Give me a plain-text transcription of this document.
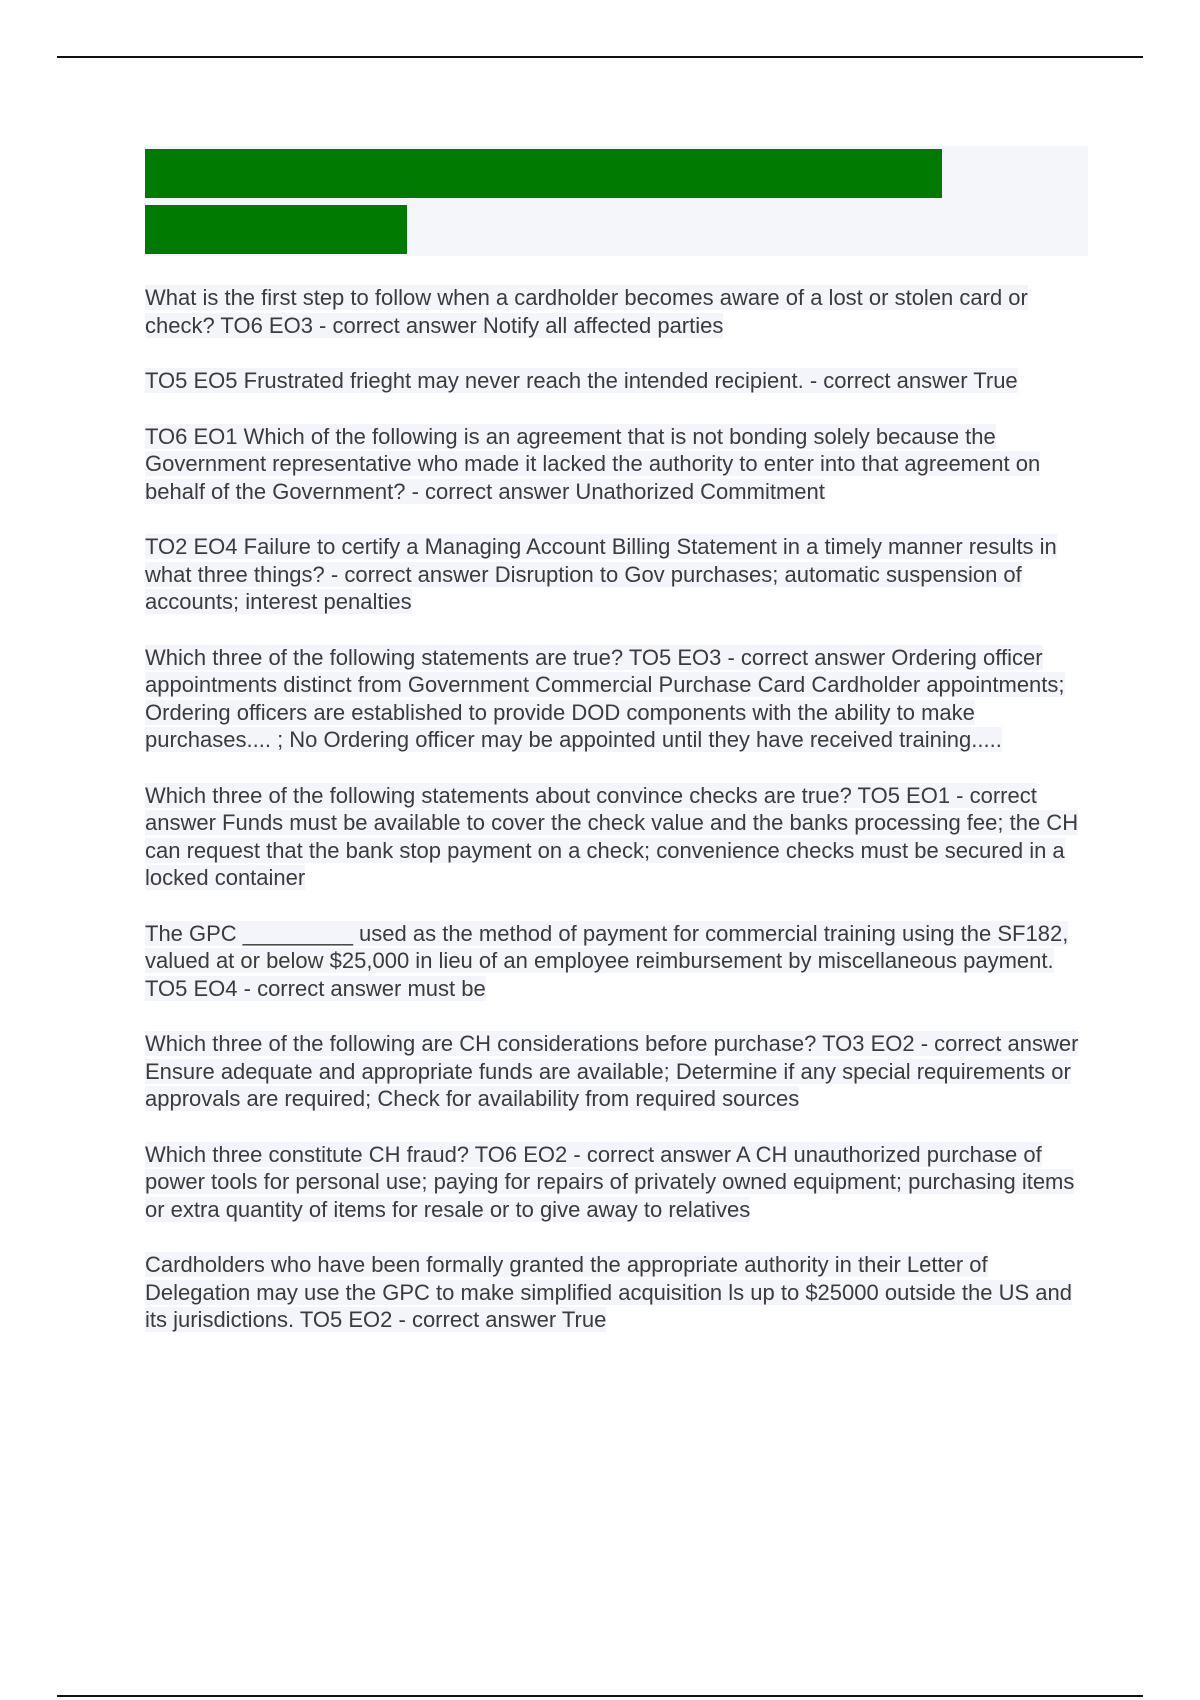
clg 0010 Question and answer already passed 2023

What is the first step to follow when a cardholder becomes aware of a lost or stolen card or check? TO6 EO3 - correct answer Notify all affected parties

TO5 EO5 Frustrated frieght may never reach the intended recipient. - correct answer True

TO6 EO1 Which of the following is an agreement that is not bonding solely because the Government representative who made it lacked the authority to enter into that agreement on behalf of the Government? - correct answer Unathorized Commitment

TO2 EO4 Failure to certify a Managing Account Billing Statement in a timely manner results in what three things? - correct answer Disruption to Gov purchases; automatic suspension of accounts; interest penalties

Which three of the following statements are true? TO5 EO3 - correct answer Ordering officer appointments distinct from Government Commercial Purchase Card Cardholder appointments; Ordering officers are established to provide DOD components with the ability to make purchases.... ; No Ordering officer may be appointed until they have received training.....

Which three of the following statements about convince checks are true? TO5 EO1 - correct answer Funds must be available to cover the check value and the banks processing fee; the CH can request that the bank stop payment on a check; convenience checks must be secured in a locked container

The GPC _________ used as the method of payment for commercial training using the SF182, valued at or below $25,000 in lieu of an employee reimbursement by miscellaneous payment. TO5 EO4 - correct answer must be

Which three of the following are CH considerations before purchase? TO3 EO2 - correct answer Ensure adequate and appropriate funds are available; Determine if any special requirements or approvals are required; Check for availability from required sources

Which three constitute CH fraud? TO6 EO2 - correct answer A CH unauthorized purchase of power tools for personal use; paying for repairs of privately owned equipment; purchasing items or extra quantity of items for resale or to give away to relatives

Cardholders who have been formally granted the appropriate authority in their Letter of Delegation may use the GPC to make simplified acquisition ls up to $25000 outside the US and its jurisdictions. TO5 EO2 - correct answer True
